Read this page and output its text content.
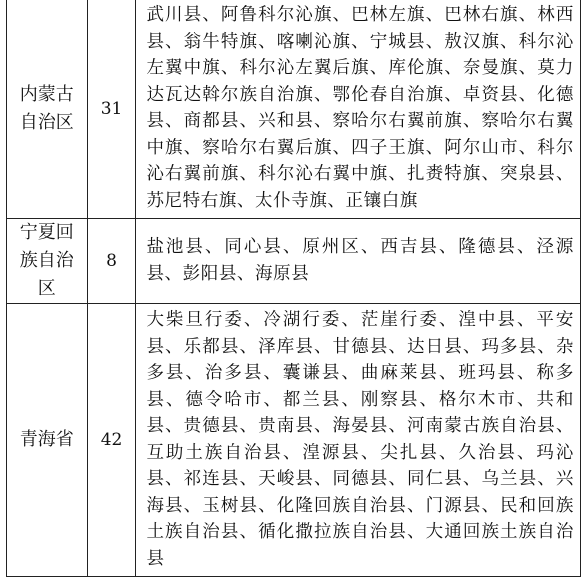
内蒙古
自治区	31	武川县、阿鲁科尔沁旗、巴林左旗、巴林右旗、林西县、翁牛特旗、喀喇沁旗、宁城县、敖汉旗、科尔沁左翼中旗、科尔沁左翼后旗、库伦旗、奈曼旗、莫力达瓦达斡尔族自治旗、鄂伦春自治旗、卓资县、化德县、商都县、兴和县、察哈尔右翼前旗、察哈尔右翼中旗、察哈尔右翼后旗、四子王旗、阿尔山市、科尔沁右翼前旗、科尔沁右翼中旗、扎赉特旗、突泉县、苏尼特右旗、太仆寺旗、正镶白旗

宁夏回
族自治
区	8	盐池县、同心县、原州区、西吉县、隆德县、泾源县、彭阳县、海原县

青海省	42	大柴旦行委、冷湖行委、茫崖行委、湟中县、平安县、乐都县、泽库县、甘德县、达日县、玛多县、杂多县、治多县、囊谦县、曲麻莱县、班玛县、称多县、德令哈市、都兰县、刚察县、格尔木市、共和县、贵德县、贵南县、海晏县、河南蒙古族自治县、互助土族自治县、湟源县、尖扎县、久治县、玛沁县、祁连县、天峻县、同德县、同仁县、乌兰县、兴海县、玉树县、化隆回族自治县、门源县、民和回族土族自治县、循化撒拉族自治县、大通回族土族自治县
